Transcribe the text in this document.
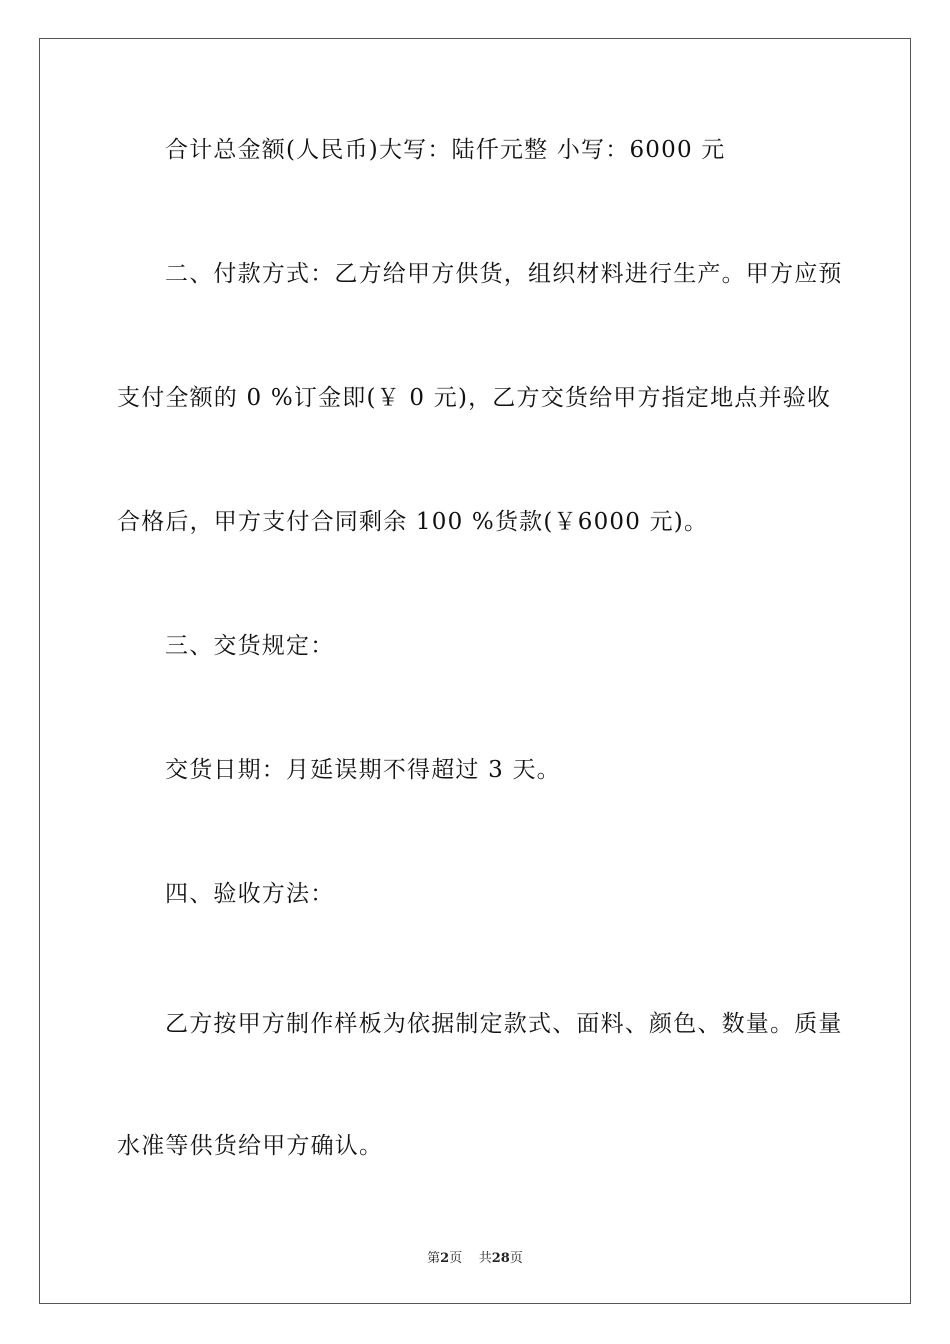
合计总金额(人民币)大写：陆仟元整 小写：6000 元
二、付款方式：乙方给甲方供货，组织材料进行生产。甲方应预
支付全额的 0 %订金即(￥ 0 元)，乙方交货给甲方指定地点并验收
合格后，甲方支付合同剩余 100 %货款(￥6000 元)。
三、交货规定：
交货日期：月延误期不得超过 3 天。
四、验收方法：
乙方按甲方制作样板为依据制定款式、面料、颜色、数量。质量
水准等供货给甲方确认。
第2页 共28页
